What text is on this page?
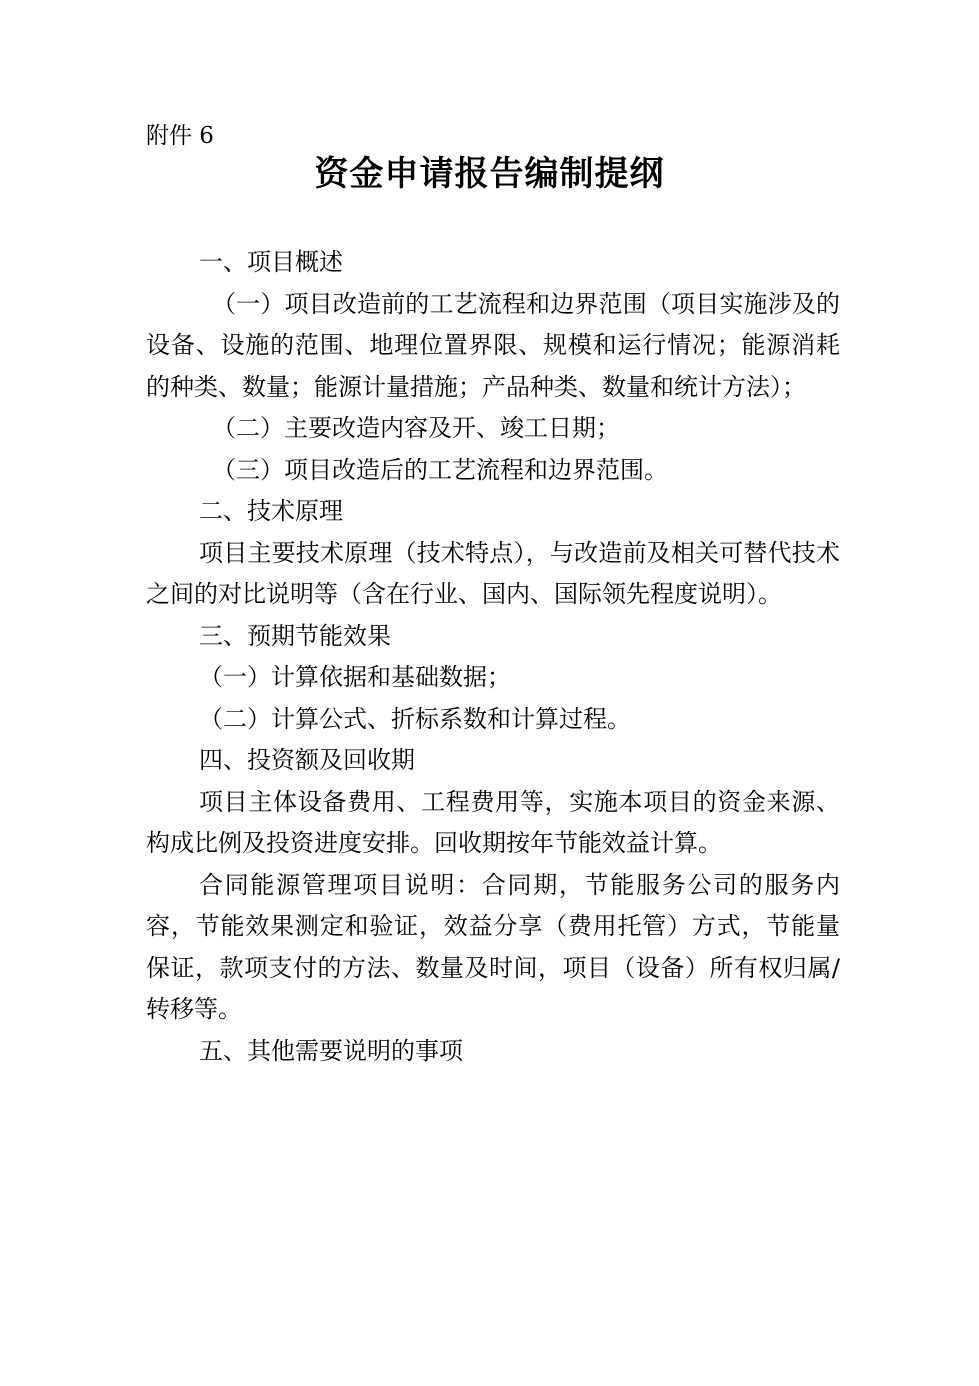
附件 6
资金申请报告编制提纲

一、项目概述

（一）项目改造前的工艺流程和边界范围（项目实施涉及的设备、设施的范围、地理位置界限、规模和运行情况；能源消耗的种类、数量；能源计量措施；产品种类、数量和统计方法）；

（二）主要改造内容及开、竣工日期；

（三）项目改造后的工艺流程和边界范围。

二、技术原理

项目主要技术原理（技术特点），与改造前及相关可替代技术之间的对比说明等（含在行业、国内、国际领先程度说明）。

三、预期节能效果

（一）计算依据和基础数据；

（二）计算公式、折标系数和计算过程。

四、投资额及回收期

项目主体设备费用、工程费用等，实施本项目的资金来源、构成比例及投资进度安排。回收期按年节能效益计算。

合同能源管理项目说明：合同期，节能服务公司的服务内容，节能效果测定和验证，效益分享（费用托管）方式，节能量保证，款项支付的方法、数量及时间，项目（设备）所有权归属/转移等。

五、其他需要说明的事项
